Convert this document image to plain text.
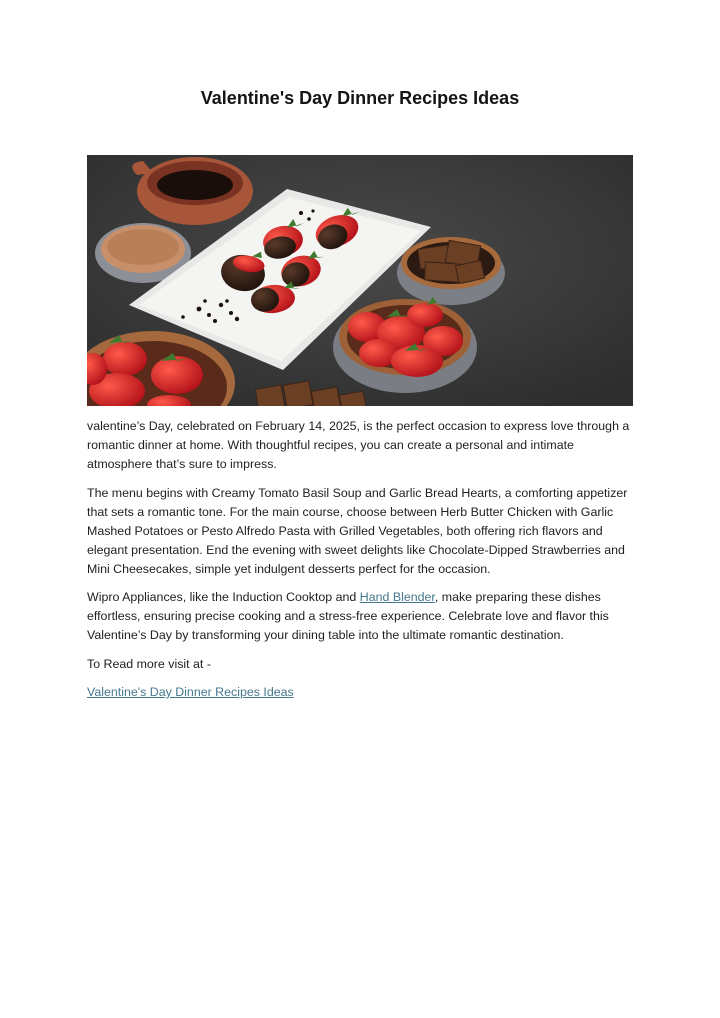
Valentine's Day Dinner Recipes Ideas

valentine’s Day, celebrated on February 14, 2025, is the perfect occasion to express love through a romantic dinner at home. With thoughtful recipes, you can create a personal and intimate atmosphere that’s sure to impress.

The menu begins with Creamy Tomato Basil Soup and Garlic Bread Hearts, a comforting appetizer that sets a romantic tone. For the main course, choose between Herb Butter Chicken with Garlic Mashed Potatoes or Pesto Alfredo Pasta with Grilled Vegetables, both offering rich flavors and elegant presentation. End the evening with sweet delights like Chocolate-Dipped Strawberries and Mini Cheesecakes, simple yet indulgent desserts perfect for the occasion.

Wipro Appliances, like the Induction Cooktop and Hand Blender, make preparing these dishes effortless, ensuring precise cooking and a stress-free experience. Celebrate love and flavor this Valentine’s Day by transforming your dining table into the ultimate romantic destination.

To Read more visit at -

Valentine's Day Dinner Recipes Ideas
